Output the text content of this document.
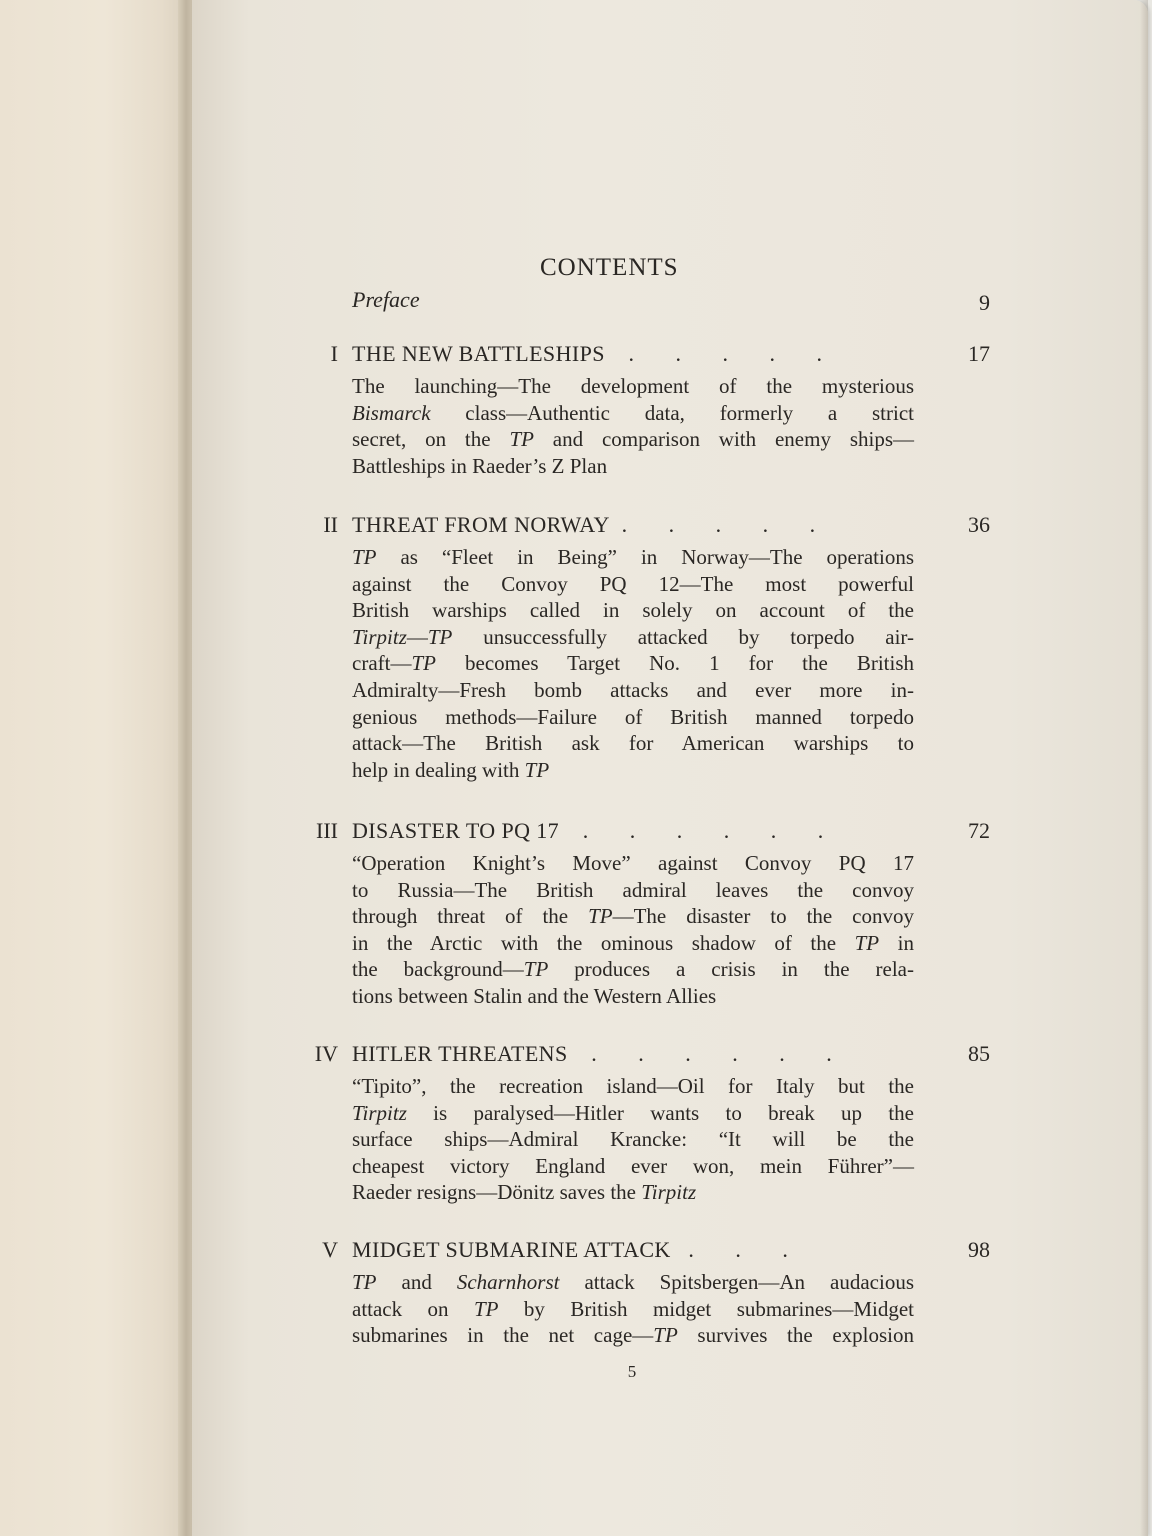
CONTENTS
Preface	9
I THE NEW BATTLESHIPS . . . . .	17
The launching—The development of the mysterious
Bismarck class—Authentic data, formerly a strict
secret, on the TP and comparison with enemy ships—
Battleships in Raeder’s Z Plan
II THREAT FROM NORWAY . . . . .	36
TP as “Fleet in Being” in Norway—The operations
against the Convoy PQ 12—The most powerful
British warships called in solely on account of the
Tirpitz—TP unsuccessfully attacked by torpedo air-
craft—TP becomes Target No. 1 for the British
Admiralty—Fresh bomb attacks and ever more in-
genious methods—Failure of British manned torpedo
attack—The British ask for American warships to
help in dealing with TP
III DISASTER TO PQ 17 . . . . . .	72
“Operation Knight’s Move” against Convoy PQ 17
to Russia—The British admiral leaves the convoy
through threat of the TP—The disaster to the convoy
in the Arctic with the ominous shadow of the TP in
the background—TP produces a crisis in the rela-
tions between Stalin and the Western Allies
IV HITLER THREATENS . . . . . .	85
“Tipito”, the recreation island—Oil for Italy but the
Tirpitz is paralysed—Hitler wants to break up the
surface ships—Admiral Krancke: “It will be the
cheapest victory England ever won, mein Führer”—
Raeder resigns—Dönitz saves the Tirpitz
V MIDGET SUBMARINE ATTACK . . .	98
TP and Scharnhorst attack Spitsbergen—An audacious
attack on TP by British midget submarines—Midget
submarines in the net cage—TP survives the explosion
5
